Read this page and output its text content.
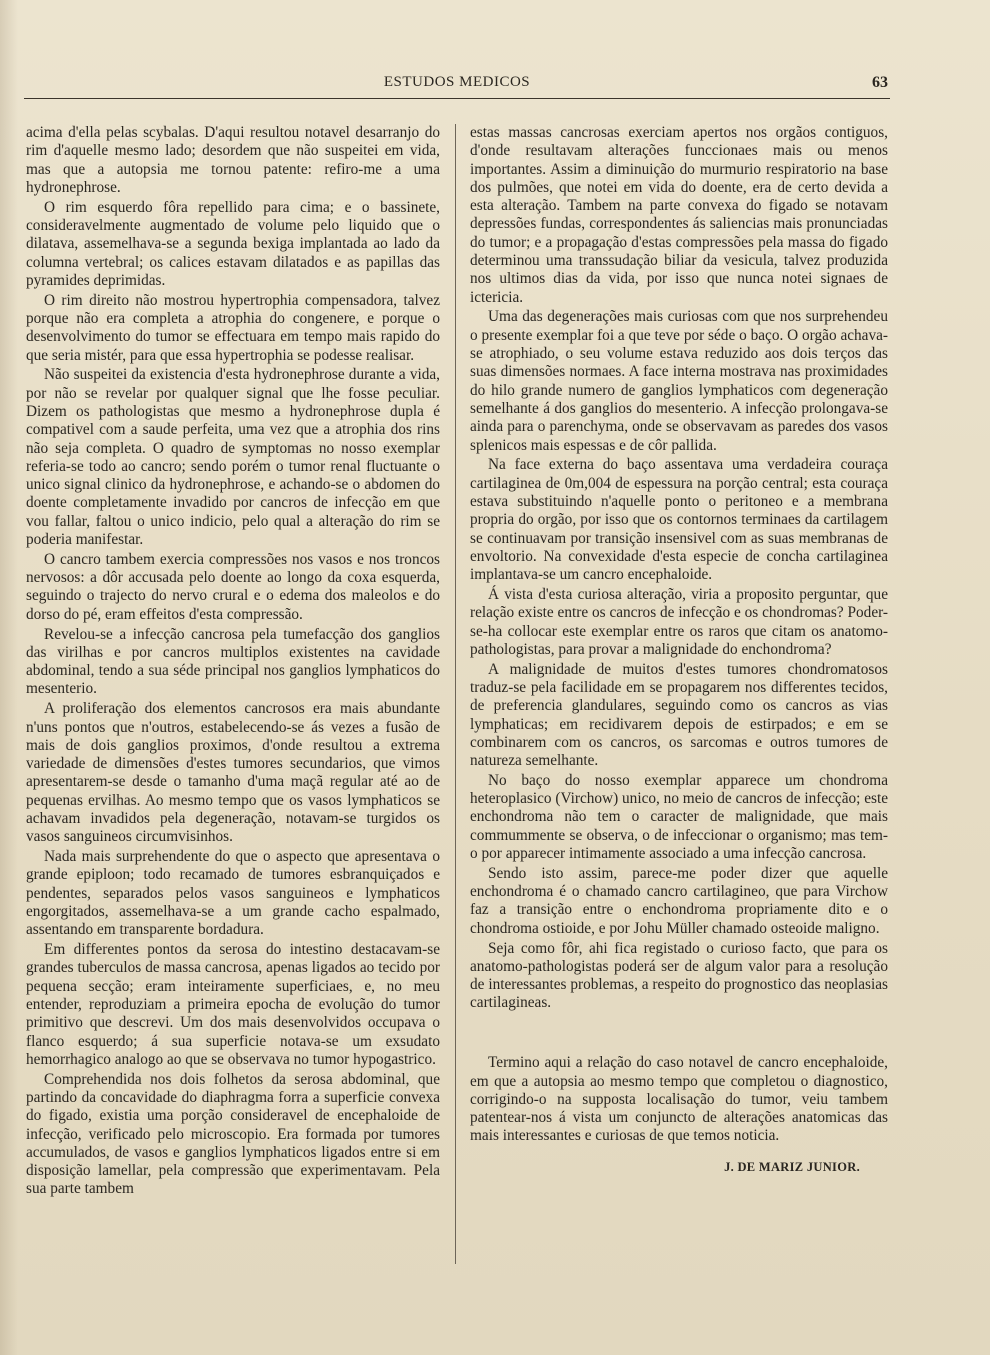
ESTUDOS MEDICOS	63

acima d'ella pelas scybalas. D'aqui resultou notavel desarranjo do rim d'aquelle mesmo lado; desordem que não suspeitei em vida, mas que a autopsia me tornou patente: refiro-me a uma hydronephrose.

O rim esquerdo fôra repellido para cima; e o bassinete, consideravelmente augmentado de volume pelo liquido que o dilatava, assemelhava-se a segunda bexiga implantada ao lado da columna vertebral; os calices estavam dilatados e as papillas das pyramides deprimidas.

O rim direito não mostrou hypertrophia compensadora, talvez porque não era completa a atrophia do congenere, e porque o desenvolvimento do tumor se effectuara em tempo mais rapido do que seria mistér, para que essa hypertrophia se podesse realisar.

Não suspeitei da existencia d'esta hydronephrose durante a vida, por não se revelar por qualquer signal que lhe fosse peculiar. Dizem os pathologistas que mesmo a hydronephrose dupla é compativel com a saude perfeita, uma vez que a atrophia dos rins não seja completa. O quadro de symptomas no nosso exemplar referia-se todo ao cancro; sendo porém o tumor renal fluctuante o unico signal clinico da hydronephrose, e achando-se o abdomen do doente completamente invadido por cancros de infecção em que vou fallar, faltou o unico indicio, pelo qual a alteração do rim se poderia manifestar.

O cancro tambem exercia compressões nos vasos e nos troncos nervosos: a dôr accusada pelo doente ao longo da coxa esquerda, seguindo o trajecto do nervo crural e o edema dos maleolos e do dorso do pé, eram effeitos d'esta compressão.

Revelou-se a infecção cancrosa pela tumefacção dos ganglios das virilhas e por cancros multiplos existentes na cavidade abdominal, tendo a sua séde principal nos ganglios lymphaticos do mesenterio.

A proliferação dos elementos cancrosos era mais abundante n'uns pontos que n'outros, estabelecendo-se ás vezes a fusão de mais de dois ganglios proximos, d'onde resultou a extrema variedade de dimensões d'estes tumores secundarios, que vimos apresentarem-se desde o tamanho d'uma maçã regular até ao de pequenas ervilhas. Ao mesmo tempo que os vasos lymphaticos se achavam invadidos pela degeneração, notavam-se turgidos os vasos sanguineos circumvisinhos.

Nada mais surprehendente do que o aspecto que apresentava o grande epiploon; todo recamado de tumores esbranquiçados e pendentes, separados pelos vasos sanguineos e lymphaticos engorgitados, assemelhava-se a um grande cacho espalmado, assentando em transparente bordadura.

Em differentes pontos da serosa do intestino destacavam-se grandes tuberculos de massa cancrosa, apenas ligados ao tecido por pequena secção; eram inteiramente superficiaes, e, no meu entender, reproduziam a primeira epocha de evolução do tumor primitivo que descrevi. Um dos mais desenvolvidos occupava o flanco esquerdo; á sua superficie notava-se um exsudato hemorrhagico analogo ao que se observava no tumor hypogastrico.

Comprehendida nos dois folhetos da serosa abdominal, que partindo da concavidade do diaphragma forra a superficie convexa do figado, existia uma porção consideravel de encephaloide de infecção, verificado pelo microscopio. Era formada por tumores accumulados, de vasos e ganglios lymphaticos ligados entre si em disposição lamellar, pela compressão que experimentavam. Pela sua parte tambem

estas massas cancrosas exerciam apertos nos orgãos contiguos, d'onde resultavam alterações funccionaes mais ou menos importantes. Assim a diminuição do murmurio respiratorio na base dos pulmões, que notei em vida do doente, era de certo devida a esta alteração. Tambem na parte convexa do figado se notavam depressões fundas, correspondentes ás saliencias mais pronunciadas do tumor; e a propagação d'estas compressões pela massa do figado determinou uma transsudação biliar da vesicula, talvez produzida nos ultimos dias da vida, por isso que nunca notei signaes de ictericia.

Uma das degenerações mais curiosas com que nos surprehendeu o presente exemplar foi a que teve por séde o baço. O orgão achava-se atrophiado, o seu volume estava reduzido aos dois terços das suas dimensões normaes. A face interna mostrava nas proximidades do hilo grande numero de ganglios lymphaticos com degeneração semelhante á dos ganglios do mesenterio. A infecção prolongava-se ainda para o parenchyma, onde se observavam as paredes dos vasos splenicos mais espessas e de côr pallida.

Na face externa do baço assentava uma verdadeira couraça cartilaginea de 0m,004 de espessura na porção central; esta couraça estava substituindo n'aquelle ponto o peritoneo e a membrana propria do orgão, por isso que os contornos terminaes da cartilagem se continuavam por transição insensivel com as suas membranas de envoltorio. Na convexidade d'esta especie de concha cartilaginea implantava-se um cancro encephaloide.

Á vista d'esta curiosa alteração, viria a proposito perguntar, que relação existe entre os cancros de infecção e os chondromas? Poder-se-ha collocar este exemplar entre os raros que citam os anatomo-pathologistas, para provar a malignidade do enchondroma?

A malignidade de muitos d'estes tumores chondromatosos traduz-se pela facilidade em se propagarem nos differentes tecidos, de preferencia glandulares, seguindo como os cancros as vias lymphaticas; em recidivarem depois de estirpados; e em se combinarem com os cancros, os sarcomas e outros tumores de natureza semelhante.

No baço do nosso exemplar apparece um chondroma heteroplasico (Virchow) unico, no meio de cancros de infecção; este enchondroma não tem o caracter de malignidade, que mais commummente se observa, o de infeccionar o organismo; mas tem-o por apparecer intimamente associado a uma infecção cancrosa.

Sendo isto assim, parece-me poder dizer que aquelle enchondroma é o chamado cancro cartilagineo, que para Virchow faz a transição entre o enchondroma propriamente dito e o chondroma ostioide, e por Johu Müller chamado osteoide maligno.

Seja como fôr, ahi fica registado o curioso facto, que para os anatomo-pathologistas poderá ser de algum valor para a resolução de interessantes problemas, a respeito do prognostico das neoplasias cartilagineas.

Termino aqui a relação do caso notavel de cancro encephaloide, em que a autopsia ao mesmo tempo que completou o diagnostico, corrigindo-o na supposta localisação do tumor, veiu tambem patentear-nos á vista um conjuncto de alterações anatomicas das mais interessantes e curiosas de que temos noticia.

J. DE MARIZ JUNIOR.
